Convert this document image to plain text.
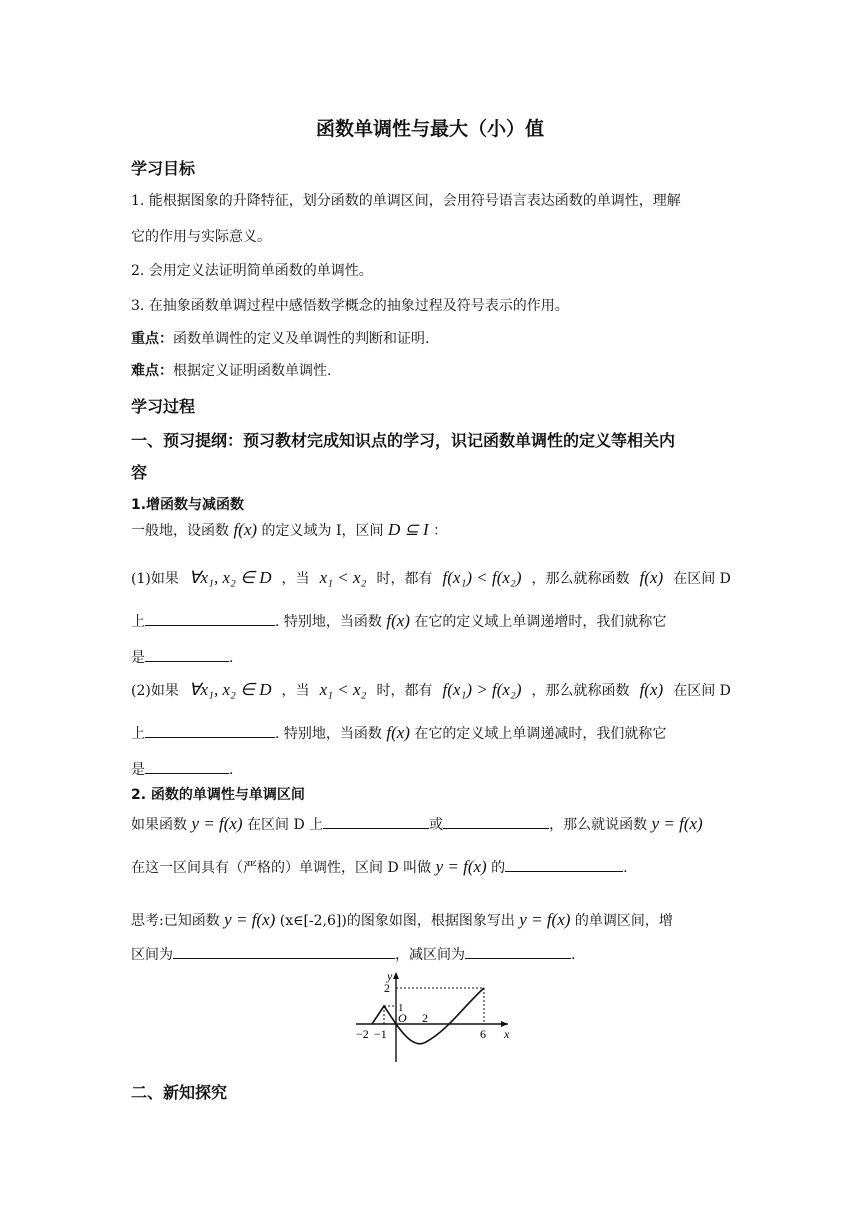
函数单调性与最大（小）值
学习目标
1. 能根据图象的升降特征，划分函数的单调区间，会用符号语言表达函数的单调性，理解
它的作用与实际意义。
2. 会用定义法证明简单函数的单调性。
3. 在抽象函数单调过程中感悟数学概念的抽象过程及符号表示的作用。
重点：函数单调性的定义及单调性的判断和证明.
难点：根据定义证明函数单调性.
学习过程
一、预习提纲：预习教材完成知识点的学习，识记函数单调性的定义等相关内
容
1.增函数与减函数
一般地，设函数 f(x) 的定义域为 I，区间 D ⊆ I ：
(1)如果 ∀x₁, x₂ ∈ D ，当 x₁ < x₂ 时，都有 f(x₁) < f(x₂) ，那么就称函数 f(x) 在区间 D
上	. 特别地，当函数 f(x) 在它的定义域上单调递增时，我们就称它
是	.
(2)如果 ∀x₁, x₂ ∈ D ，当 x₁ < x₂ 时，都有 f(x₁) > f(x₂) ，那么就称函数 f(x) 在区间 D
上	. 特别地，当函数 f(x) 在它的定义域上单调递减时，我们就称它
是	.
2. 函数的单调性与单调区间
如果函数 y = f(x) 在区间 D 上	或	，那么就说函数 y = f(x)
在这一区间具有（严格的）单调性，区间 D 叫做 y = f(x) 的	.
思考:已知函数 y = f(x) (x∈[-2,6])的图象如图，根据图象写出 y = f(x) 的单调区间，增
区间为	，减区间为	.
y
x
2
1
O
−2 −1
2
6
二、新知探究
